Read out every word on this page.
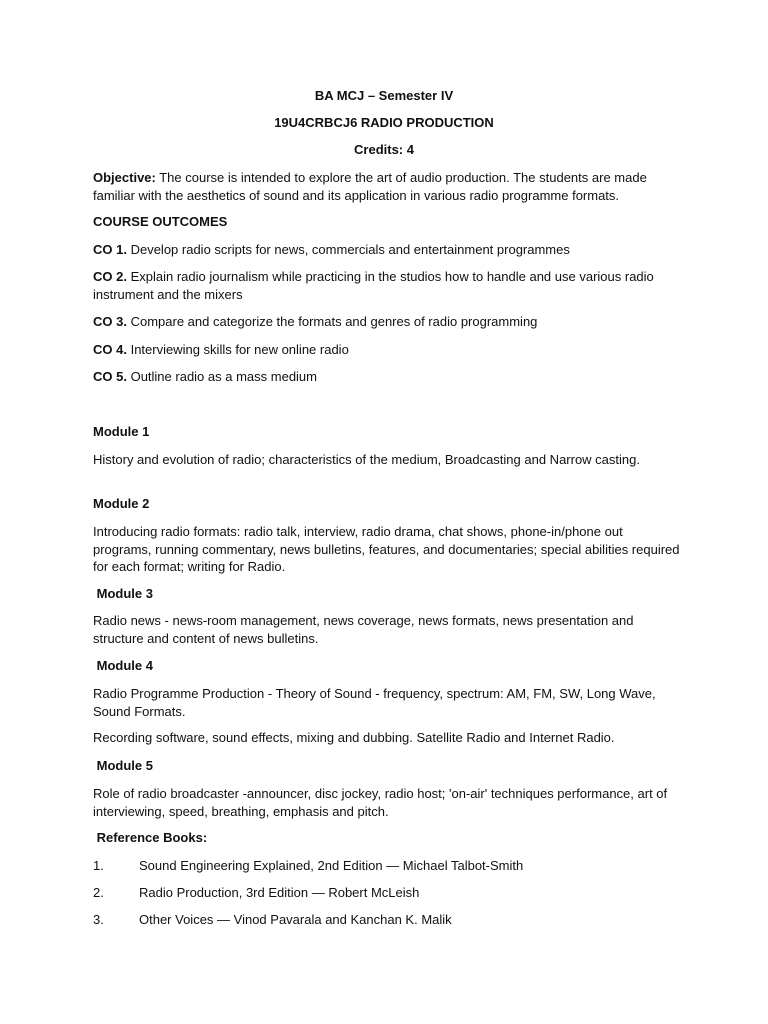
BA MCJ – Semester IV
19U4CRBCJ6 RADIO PRODUCTION
Credits: 4

Objective: The course is intended to explore the art of audio production. The students are made familiar with the aesthetics of sound and its application in various radio programme formats.

COURSE OUTCOMES

CO 1. Develop radio scripts for news, commercials and entertainment programmes

CO 2. Explain radio journalism while practicing in the studios how to handle and use various radio instrument and the mixers

CO 3. Compare and categorize the formats and genres of radio programming

CO 4. Interviewing skills for new online radio

CO 5. Outline radio as a mass medium

Module 1

History and evolution of radio; characteristics of the medium, Broadcasting and Narrow casting.

Module 2

Introducing radio formats: radio talk, interview, radio drama, chat shows, phone-in/phone out programs, running commentary, news bulletins, features, and documentaries; special abilities required for each format; writing for Radio.

Module 3

Radio news - news-room management, news coverage, news formats, news presentation and structure and content of news bulletins.

Module 4

Radio Programme Production - Theory of Sound - frequency, spectrum: AM, FM, SW, Long Wave, Sound Formats.

Recording software, sound effects, mixing and dubbing. Satellite Radio and Internet Radio.

Module 5

Role of radio broadcaster -announcer, disc jockey, radio host; 'on-air' techniques performance, art of interviewing, speed, breathing, emphasis and pitch.

Reference Books:

1.	Sound Engineering Explained, 2nd Edition — Michael Talbot-Smith
2.	Radio Production, 3rd Edition — Robert McLeish
3.	Other Voices — Vinod Pavarala and Kanchan K. Malik
